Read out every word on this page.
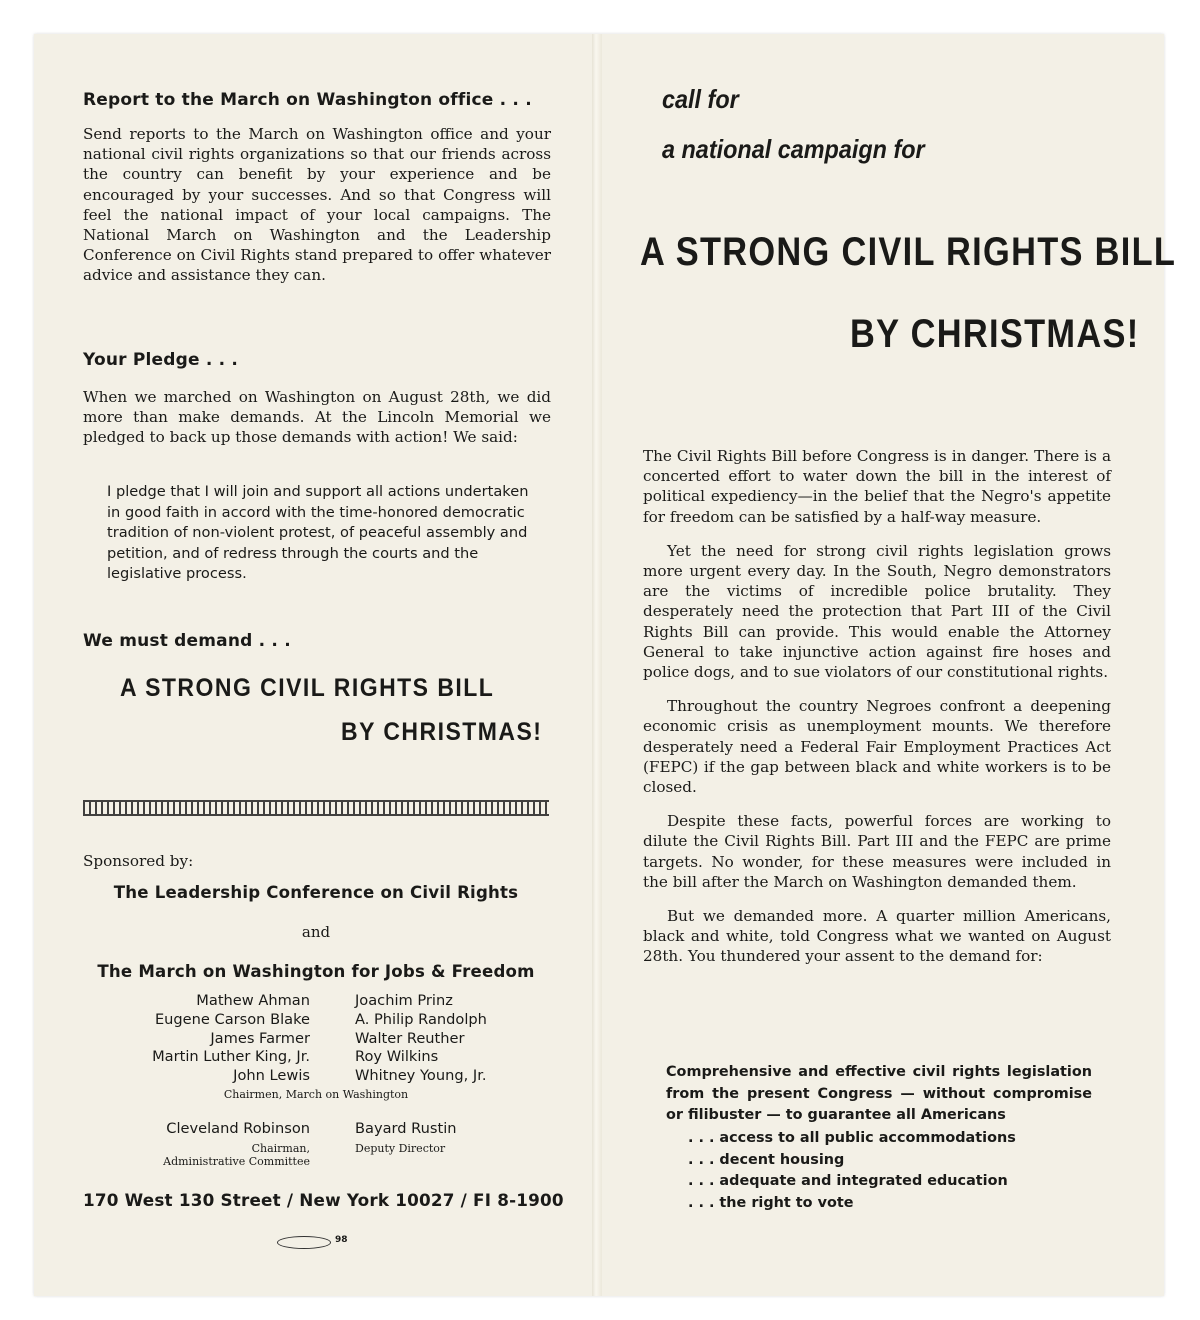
Report to the March on Washington office . . .
Send reports to the March on Washington office and your national civil rights organizations so that our friends across the country can benefit by your experience and be encouraged by your successes. And so that Congress will feel the national impact of your local campaigns. The National March on Washington and the Leadership Conference on Civil Rights stand prepared to offer whatever advice and assistance they can.
Your Pledge . . .
When we marched on Washington on August 28th, we did more than make demands. At the Lincoln Memorial we pledged to back up those demands with action! We said:
I pledge that I will join and support all actions undertaken in good faith in accord with the time-honored democratic tradition of non-violent protest, of peaceful assembly and petition, and of redress through the courts and the legislative process.
We must demand . . .
A STRONG CIVIL RIGHTS BILL
BY CHRISTMAS!
Sponsored by:
The Leadership Conference on Civil Rights
and
The March on Washington for Jobs & Freedom
Mathew Ahman
Eugene Carson Blake
James Farmer
Martin Luther King, Jr.
John Lewis
Joachim Prinz
A. Philip Randolph
Walter Reuther
Roy Wilkins
Whitney Young, Jr.
Chairmen, March on Washington
Cleveland Robinson
Chairman,
Administrative Committee
Bayard Rustin
Deputy Director
170 West 130 Street / New York 10027 / FI 8-1900
98
call for
a national campaign for
A STRONG CIVIL RIGHTS BILL
BY CHRISTMAS!

The Civil Rights Bill before Congress is in danger. There is a concerted effort to water down the bill in the interest of political expediency—in the belief that the Negro's appetite for freedom can be satisfied by a half-way measure.

Yet the need for strong civil rights legislation grows more urgent every day. In the South, Negro demonstrators are the victims of incredible police brutality. They desperately need the protection that Part III of the Civil Rights Bill can provide. This would enable the Attorney General to take injunctive action against fire hoses and police dogs, and to sue violators of our constitutional rights.

Throughout the country Negroes confront a deepening economic crisis as unemployment mounts. We therefore desperately need a Federal Fair Employment Practices Act (FEPC) if the gap between black and white workers is to be closed.

Despite these facts, powerful forces are working to dilute the Civil Rights Bill. Part III and the FEPC are prime targets. No wonder, for these measures were included in the bill after the March on Washington demanded them.

But we demanded more. A quarter million Americans, black and white, told Congress what we wanted on August 28th. You thundered your assent to the demand for:

Comprehensive and effective civil rights legislation from the present Congress — without compromise or filibuster — to guarantee all Americans
. . . access to all public accommodations
. . . decent housing
. . . adequate and integrated education
. . . the right to vote
